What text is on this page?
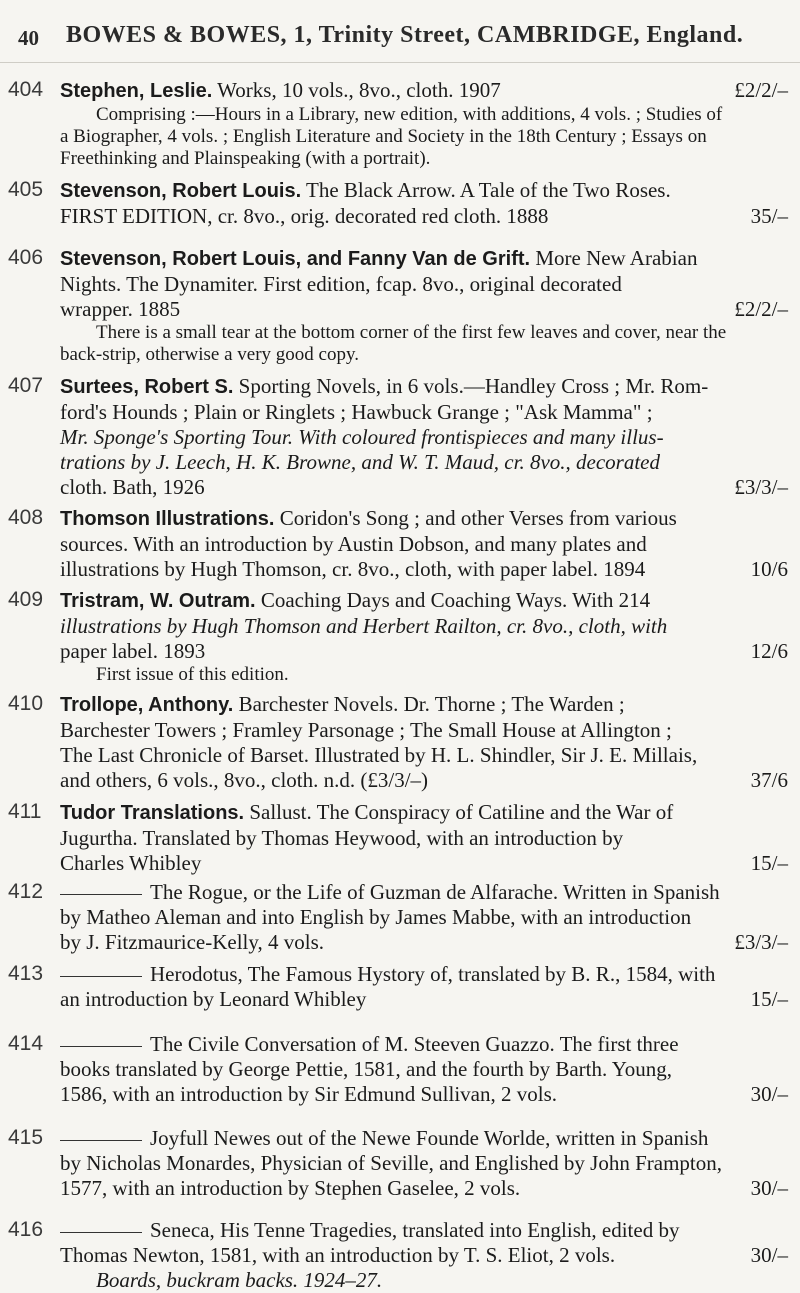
40 BOWES & BOWES, 1, Trinity Street, CAMBRIDGE, England.
404 Stephen, Leslie. Works, 10 vols., 8vo., cloth. 1907	£2/2/–
Comprising :—Hours in a Library, new edition, with additions, 4 vols. ; Studies of
a Biographer, 4 vols. ; English Literature and Society in the 18th Century ; Essays on
Freethinking and Plainspeaking (with a portrait).
405 Stevenson, Robert Louis. The Black Arrow. A Tale of the Two Roses.
FIRST EDITION, cr. 8vo., orig. decorated red cloth. 1888	35/–
406 Stevenson, Robert Louis, and Fanny Van de Grift. More New Arabian
Nights. The Dynamiter. First edition, fcap. 8vo., original decorated
wrapper. 1885	£2/2/–
There is a small tear at the bottom corner of the first few leaves and cover, near the
back-strip, otherwise a very good copy.
407 Surtees, Robert S. Sporting Novels, in 6 vols.—Handley Cross ; Mr. Rom-
ford's Hounds ; Plain or Ringlets ; Hawbuck Grange ; "Ask Mamma" ;
Mr. Sponge's Sporting Tour. With coloured frontispieces and many illus-
trations by J. Leech, H. K. Browne, and W. T. Maud, cr. 8vo., decorated
cloth. Bath, 1926	£3/3/–
408 Thomson Illustrations. Coridon's Song ; and other Verses from various
sources. With an introduction by Austin Dobson, and many plates and
illustrations by Hugh Thomson, cr. 8vo., cloth, with paper label. 1894	10/6
409 Tristram, W. Outram. Coaching Days and Coaching Ways. With 214
illustrations by Hugh Thomson and Herbert Railton, cr. 8vo., cloth, with
paper label. 1893	12/6
First issue of this edition.
410 Trollope, Anthony. Barchester Novels. Dr. Thorne ; The Warden ;
Barchester Towers ; Framley Parsonage ; The Small House at Allington ;
The Last Chronicle of Barset. Illustrated by H. L. Shindler, Sir J. E. Millais,
and others, 6 vols., 8vo., cloth. n.d. (£3/3/–)	37/6
411 Tudor Translations. Sallust. The Conspiracy of Catiline and the War of
Jugurtha. Translated by Thomas Heywood, with an introduction by
Charles Whibley	15/–
412	The Rogue, or the Life of Guzman de Alfarache. Written in Spanish
by Matheo Aleman and into English by James Mabbe, with an introduction
by J. Fitzmaurice-Kelly, 4 vols.	£3/3/–
413	Herodotus, The Famous Hystory of, translated by B. R., 1584, with
an introduction by Leonard Whibley	15/–
414	The Civile Conversation of M. Steeven Guazzo. The first three
books translated by George Pettie, 1581, and the fourth by Barth. Young,
1586, with an introduction by Sir Edmund Sullivan, 2 vols.	30/–
415	Joyfull Newes out of the Newe Founde Worlde, written in Spanish
by Nicholas Monardes, Physician of Seville, and Englished by John Frampton,
1577, with an introduction by Stephen Gaselee, 2 vols.	30/–
416	Seneca, His Tenne Tragedies, translated into English, edited by
Thomas Newton, 1581, with an introduction by T. S. Eliot, 2 vols.	30/–
Boards, buckram backs. 1924–27.
